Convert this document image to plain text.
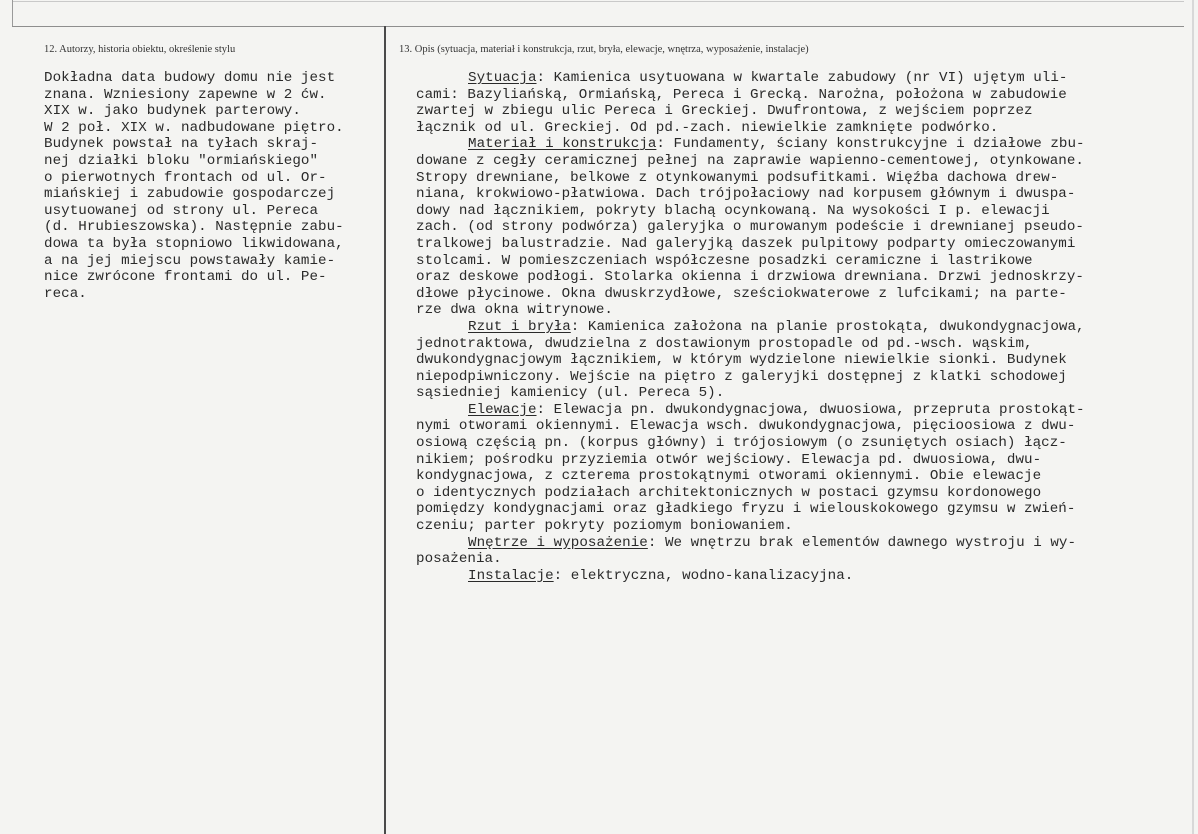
12. Autorzy, historia obiektu, określenie stylu	13. Opis (sytuacja, materiał i konstrukcja, rzut, bryła, elewacje, wnętrza, wyposażenie, instalacje)
Dokładna data budowy domu nie jest
znana. Wzniesiony zapewne w 2 ćw.
XIX w. jako budynek parterowy.
W 2 poł. XIX w. nadbudowane piętro.
Budynek powstał na tyłach skraj-
nej działki bloku "ormiańskiego"
o pierwotnych frontach od ul. Or-
miańskiej i zabudowie gospodarczej
usytuowanej od strony ul. Pereca
(d. Hrubieszowska). Następnie zabu-
dowa ta była stopniowo likwidowana,
a na jej miejscu powstawały kamie-
nice zwrócone frontami do ul. Pe-
reca.
Sytuacja: Kamienica usytuowana w kwartale zabudowy (nr VI) ujętym uli-
cami: Bazyliańską, Ormiańską, Pereca i Grecką. Narożna, położona w zabudowie
zwartej w zbiegu ulic Pereca i Greckiej. Dwufrontowa, z wejściem poprzez
łącznik od ul. Greckiej. Od pd.-zach. niewielkie zamknięte podwórko.
Materiał i konstrukcja: Fundamenty, ściany konstrukcyjne i działowe zbu-
dowane z cegły ceramicznej pełnej na zaprawie wapienno-cementowej, otynkowane.
Stropy drewniane, belkowe z otynkowanymi podsufitkami. Więźba dachowa drew-
niana, krokwiowo-płatwiowa. Dach trójpołaciowy nad korpusem głównym i dwuspa-
dowy nad łącznikiem, pokryty blachą ocynkowaną. Na wysokości I p. elewacji
zach. (od strony podwórza) galeryjka o murowanym podeście i drewnianej pseudo-
tralkowej balustradzie. Nad galeryjką daszek pulpitowy podparty omieczowanymi
stolcami. W pomieszczeniach współczesne posadzki ceramiczne i lastrikowe
oraz deskowe podłogi. Stolarka okienna i drzwiowa drewniana. Drzwi jednoskrzy-
dłowe płycinowe. Okna dwuskrzydłowe, sześciokwaterowe z lufcikami; na parte-
rze dwa okna witrynowe.
Rzut i bryła: Kamienica założona na planie prostokąta, dwukondygnacjowa,
jednotraktowa, dwudzielna z dostawionym prostopadle od pd.-wsch. wąskim,
dwukondygnacjowym łącznikiem, w którym wydzielone niewielkie sionki. Budynek
niepodpiwniczony. Wejście na piętro z galeryjki dostępnej z klatki schodowej
sąsiedniej kamienicy (ul. Pereca 5).
Elewacje: Elewacja pn. dwukondygnacjowa, dwuosiowa, przepruta prostokąt-
nymi otworami okiennymi. Elewacja wsch. dwukondygnacjowa, pięcioosiowa z dwu-
osiową częścią pn. (korpus główny) i trójosiowym (o zsuniętych osiach) łącz-
nikiem; pośrodku przyziemia otwór wejściowy. Elewacja pd. dwuosiowa, dwu-
kondygnacjowa, z czterema prostokątnymi otworami okiennymi. Obie elewacje
o identycznych podziałach architektonicznych w postaci gzymsu kordonowego
pomiędzy kondygnacjami oraz gładkiego fryzu i wielouskokowego gzymsu w zwień-
czeniu; parter pokryty poziomym boniowaniem.
Wnętrze i wyposażenie: We wnętrzu brak elementów dawnego wystroju i wy-
posażenia.
Instalacje: elektryczna, wodno-kanalizacyjna.
